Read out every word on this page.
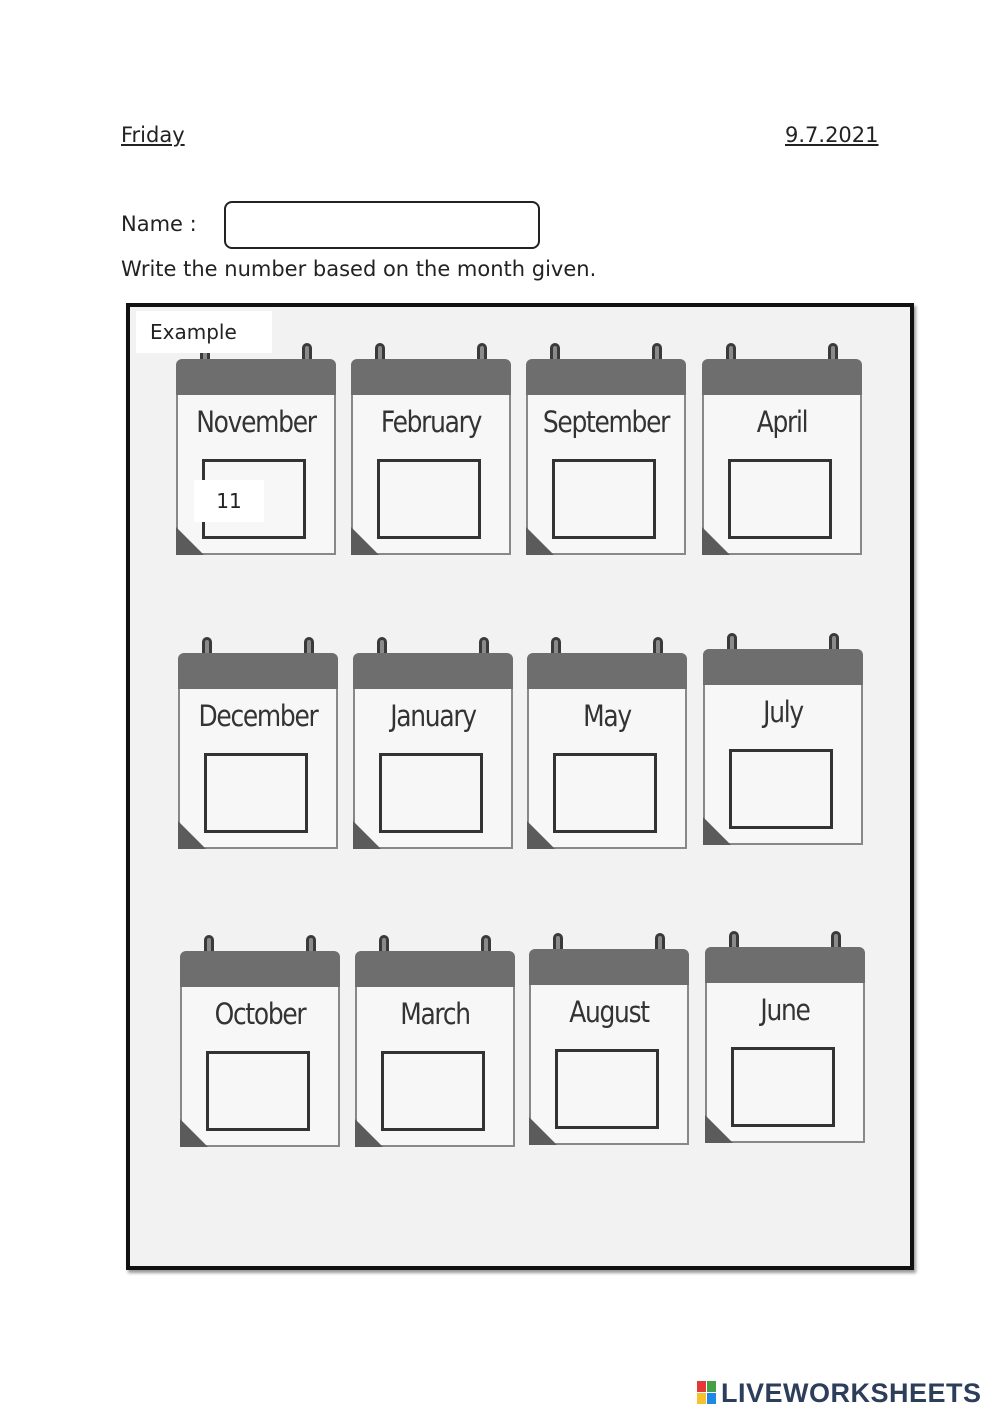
Friday	9.7.2021
Name :
Write the number based on the month given.
November
11
February	September	April
December	January	May	July
October	March	August	June
Example
LIVEWORKSHEETS
